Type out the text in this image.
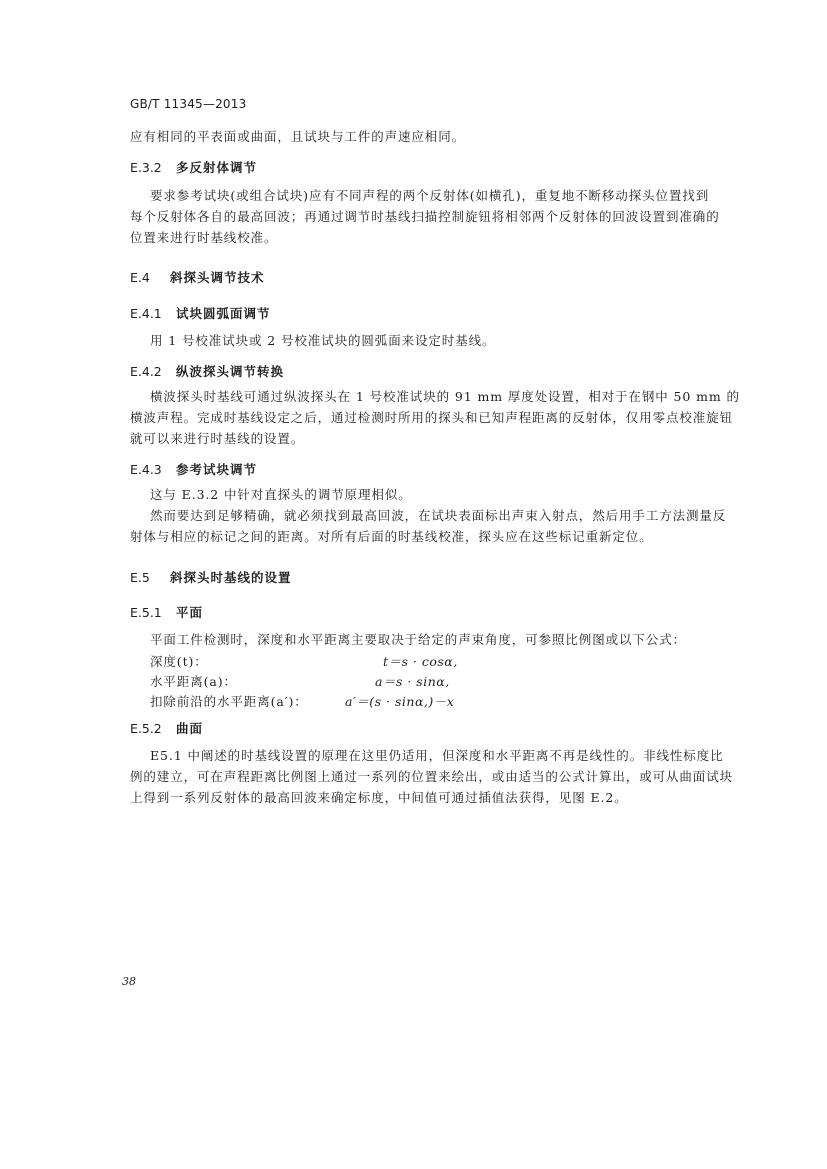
GB/T 11345—2013
应有相同的平表面或曲面，且试块与工件的声速应相同。
E.3.2 多反射体调节
要求参考试块(或组合试块)应有不同声程的两个反射体(如横孔)，重复地不断移动探头位置找到
每个反射体各自的最高回波；再通过调节时基线扫描控制旋钮将相邻两个反射体的回波设置到准确的
位置来进行时基线校准。
E.4 斜探头调节技术
E.4.1 试块圆弧面调节
用 1 号校准试块或 2 号校准试块的圆弧面来设定时基线。
E.4.2 纵波探头调节转换
横波探头时基线可通过纵波探头在 1 号校准试块的 91 mm 厚度处设置，相对于在钢中 50 mm 的
横波声程。完成时基线设定之后，通过检测时所用的探头和已知声程距离的反射体，仅用零点校准旋钮
就可以来进行时基线的设置。
E.4.3 参考试块调节
这与 E.3.2 中针对直探头的调节原理相似。
然而要达到足够精确，就必须找到最高回波，在试块表面标出声束入射点，然后用手工方法测量反
射体与相应的标记之间的距离。对所有后面的时基线校准，探头应在这些标记重新定位。
E.5 斜探头时基线的设置
E.5.1 平面
平面工件检测时，深度和水平距离主要取决于给定的声束角度，可参照比例图或以下公式：
深度(t)：	t＝s · cosα,
水平距离(a)：	a＝s · sinα,
扣除前沿的水平距离(a′)：	a′＝(s · sinα,)－x
E.5.2 曲面
E5.1 中阐述的时基线设置的原理在这里仍适用，但深度和水平距离不再是线性的。非线性标度比
例的建立，可在声程距离比例图上通过一系列的位置来绘出，或由适当的公式计算出，或可从曲面试块
上得到一系列反射体的最高回波来确定标度，中间值可通过插值法获得，见图 E.2。
38
